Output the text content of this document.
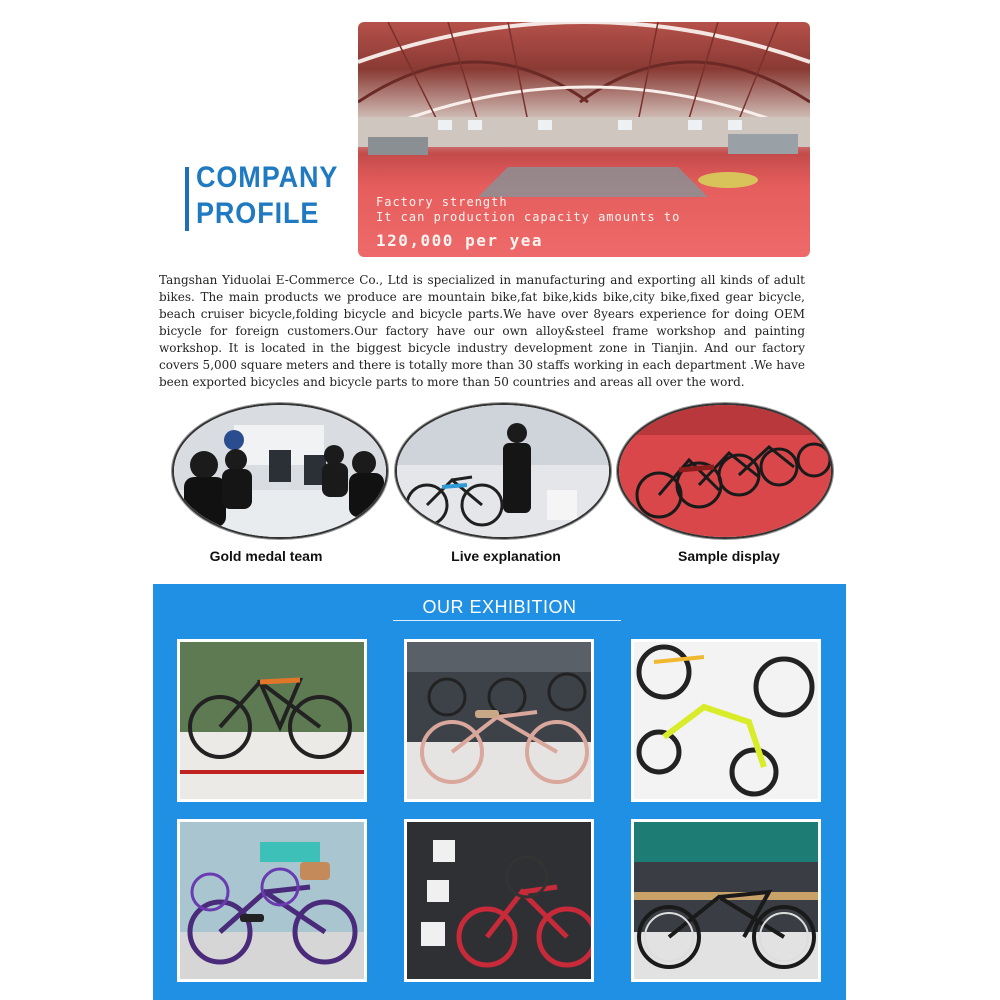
COMPANY
PROFILE	Factory strength
It can production capacity amounts to
120,000 per yea
Tangshan Yiduolai E-Commerce Co., Ltd is specialized in manufacturing and exporting all kinds of adult bikes. The main products we produce are mountain bike,fat bike,kids bike,city bike,fixed gear bicycle, beach cruiser bicycle,folding bicycle and bicycle parts.We have over 8years experience for doing OEM bicycle for foreign customers.Our factory have our own alloy&steel frame workshop and painting workshop. It is located in the biggest bicycle industry development zone in Tianjin. And our factory covers 5,000 square meters and there is totally more than 30 staffs working in each department .We have been exported bicycles and bicycle parts to more than 50 countries and areas all over the word.
Gold medal team	Live explanation	Sample display
OUR EXHIBITION
